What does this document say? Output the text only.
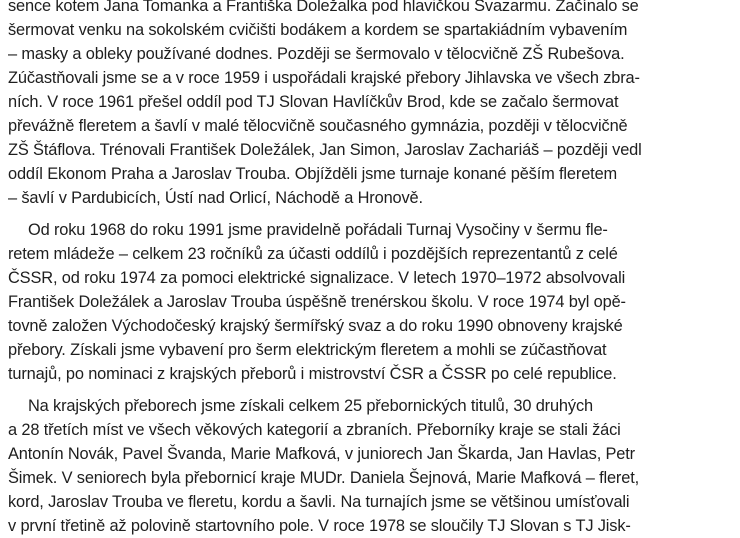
sence kotem Jana Tomanka a Františka Doležalka pod hlavičkou Svazarmu. Začínalo se
šermovat venku na sokolském cvičišti bodákem a kordem se spartakiádním vybavením
– masky a obleky používané dodnes. Později se šermovalo v tělocvičně ZŠ Rubešova.
Zúčastňovali jsme se a v roce 1959 i uspořádali krajské přebory Jihlavska ve všech zbra-
ních. V roce 1961 přešel oddíl pod TJ Slovan Havlíčkův Brod, kde se začalo šermovat
převážně fleretem a šavlí v malé tělocvičně současného gymnázia, později v tělocvičně
ZŠ Štáflova. Trénovali František Doležálek, Jan Simon, Jaroslav Zachariáš – později vedl
oddíl Ekonom Praha a Jaroslav Trouba. Objížděli jsme turnaje konané pěším fleretem
– šavlí v Pardubicích, Ústí nad Orlicí, Náchodě a Hronově.
Od roku 1968 do roku 1991 jsme pravidelně pořádali Turnaj Vysočiny v šermu fle-
retem mládeže – celkem 23 ročníků za účasti oddílů i pozdějších reprezentantů z celé
ČSSR, od roku 1974 za pomoci elektrické signalizace. V letech 1970–1972 absolvovali
František Doležálek a Jaroslav Trouba úspěšně trenérskou školu. V roce 1974 byl opě-
tovně založen Východočeský krajský šermířský svaz a do roku 1990 obnoveny krajské
přebory. Získali jsme vybavení pro šerm elektrickým fleretem a mohli se zúčastňovat
turnajů, po nominaci z krajských přeborů i mistrovství ČSR a ČSSR po celé republice.
Na krajských přeborech jsme získali celkem 25 přebornických titulů, 30 druhých
a 28 třetích míst ve všech věkových kategorií a zbraních. Přeborníky kraje se stali žáci
Antonín Novák, Pavel Švanda, Marie Mafková, v juniorech Jan Škarda, Jan Havlas, Petr
Šimek. V seniorech byla přebornicí kraje MUDr. Daniela Šejnová, Marie Mafková – fleret,
kord, Jaroslav Trouba ve fleretu, kordu a šavli. Na turnajích jsme se většinou umísťovali
v první třetině až polovině startovního pole. V roce 1978 se sloučily TJ Slovan s TJ Jisk-
